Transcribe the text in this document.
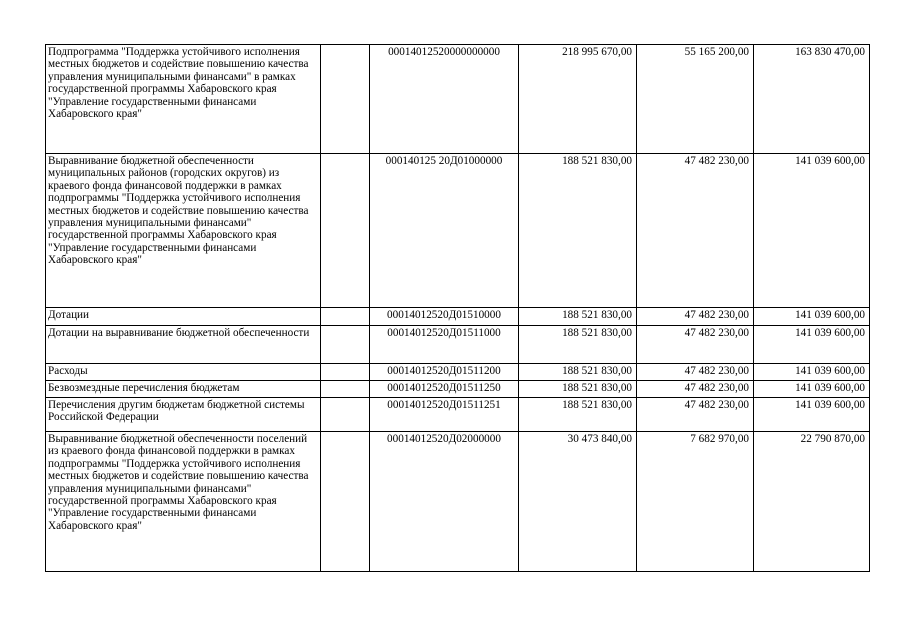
Подпрограмма "Поддержка устойчивого исполнения местных бюджетов и содействие повышению качества управления муниципальными финансами" в рамках государственной программы Хабаровского края "Управление государственными финансами Хабаровского края"		00014012520000000000	218 995 670,00	55 165 200,00	163 830 470,00
Выравнивание бюджетной обеспеченности муниципальных районов (городских округов) из краевого фонда финансовой поддержки в рамках подпрограммы "Поддержка устойчивого исполнения местных бюджетов и содействие повышению качества управления муниципальными финансами" государственной программы Хабаровского края "Управление государственными финансами Хабаровского края"		000140125 20Д01000000	188 521 830,00	47 482 230,00	141 039 600,00
Дотации		00014012520Д01510000	188 521 830,00	47 482 230,00	141 039 600,00
Дотации на выравнивание бюджетной обеспеченности		00014012520Д01511000	188 521 830,00	47 482 230,00	141 039 600,00
Расходы		00014012520Д01511200	188 521 830,00	47 482 230,00	141 039 600,00
Безвозмездные перечисления бюджетам		00014012520Д01511250	188 521 830,00	47 482 230,00	141 039 600,00
Перечисления другим бюджетам бюджетной системы Российской Федерации		00014012520Д01511251	188 521 830,00	47 482 230,00	141 039 600,00
Выравнивание бюджетной обеспеченности поселений из краевого фонда финансовой поддержки в рамках подпрограммы "Поддержка устойчивого исполнения местных бюджетов и содействие повышению качества управления муниципальными финансами" государственной программы Хабаровского края "Управление государственными финансами Хабаровского края"		00014012520Д02000000	30 473 840,00	7 682 970,00	22 790 870,00
